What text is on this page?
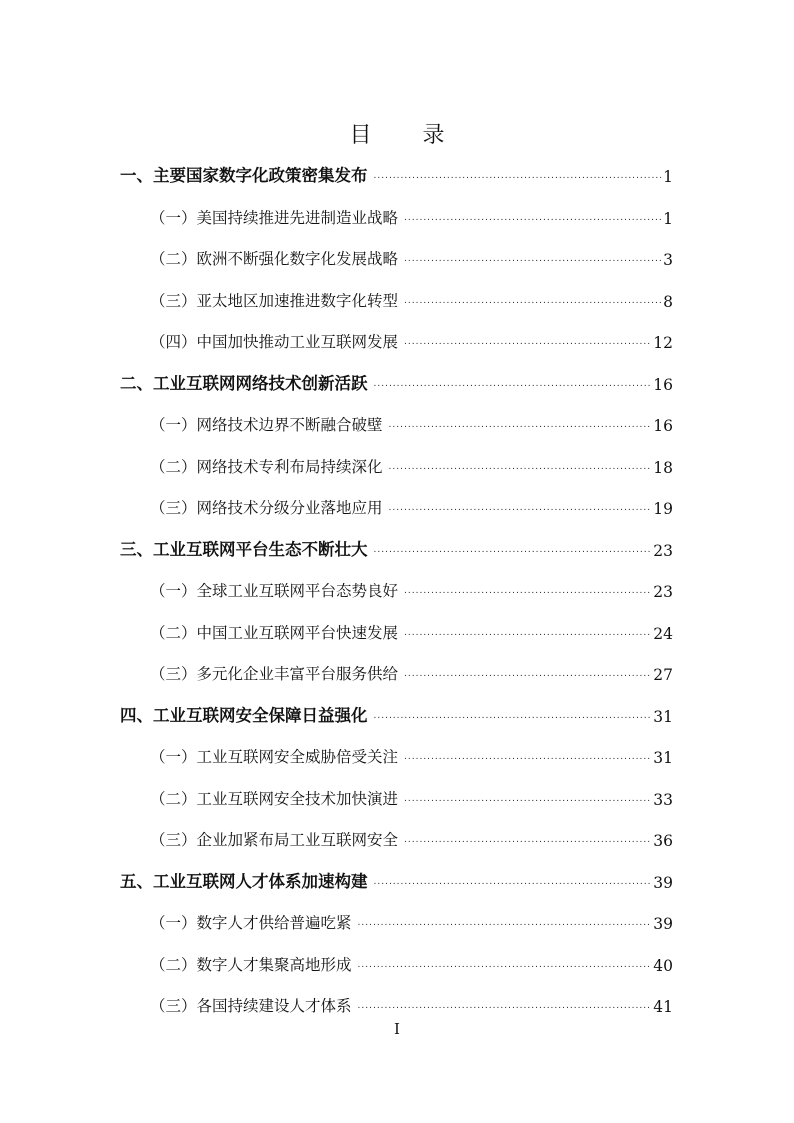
目 录
一、主要国家数字化政策密集发布 .....	1
（一）美国持续推进先进制造业战略 .....	1
（二）欧洲不断强化数字化发展战略 .....	3
（三）亚太地区加速推进数字化转型 .....	8
（四）中国加快推动工业互联网发展 .....	12
二、工业互联网网络技术创新活跃 .....	16
（一）网络技术边界不断融合破壁 .....	16
（二）网络技术专利布局持续深化 .....	18
（三）网络技术分级分业落地应用 .....	19
三、工业互联网平台生态不断壮大 .....	23
（一）全球工业互联网平台态势良好 .....	23
（二）中国工业互联网平台快速发展 .....	24
（三）多元化企业丰富平台服务供给 .....	27
四、工业互联网安全保障日益强化 .....	31
（一）工业互联网安全威胁倍受关注 .....	31
（二）工业互联网安全技术加快演进 .....	33
（三）企业加紧布局工业互联网安全 .....	36
五、工业互联网人才体系加速构建 .....	39
（一）数字人才供给普遍吃紧 .....	39
（二）数字人才集聚高地形成 .....	40
（三）各国持续建设人才体系 .....	41
I
